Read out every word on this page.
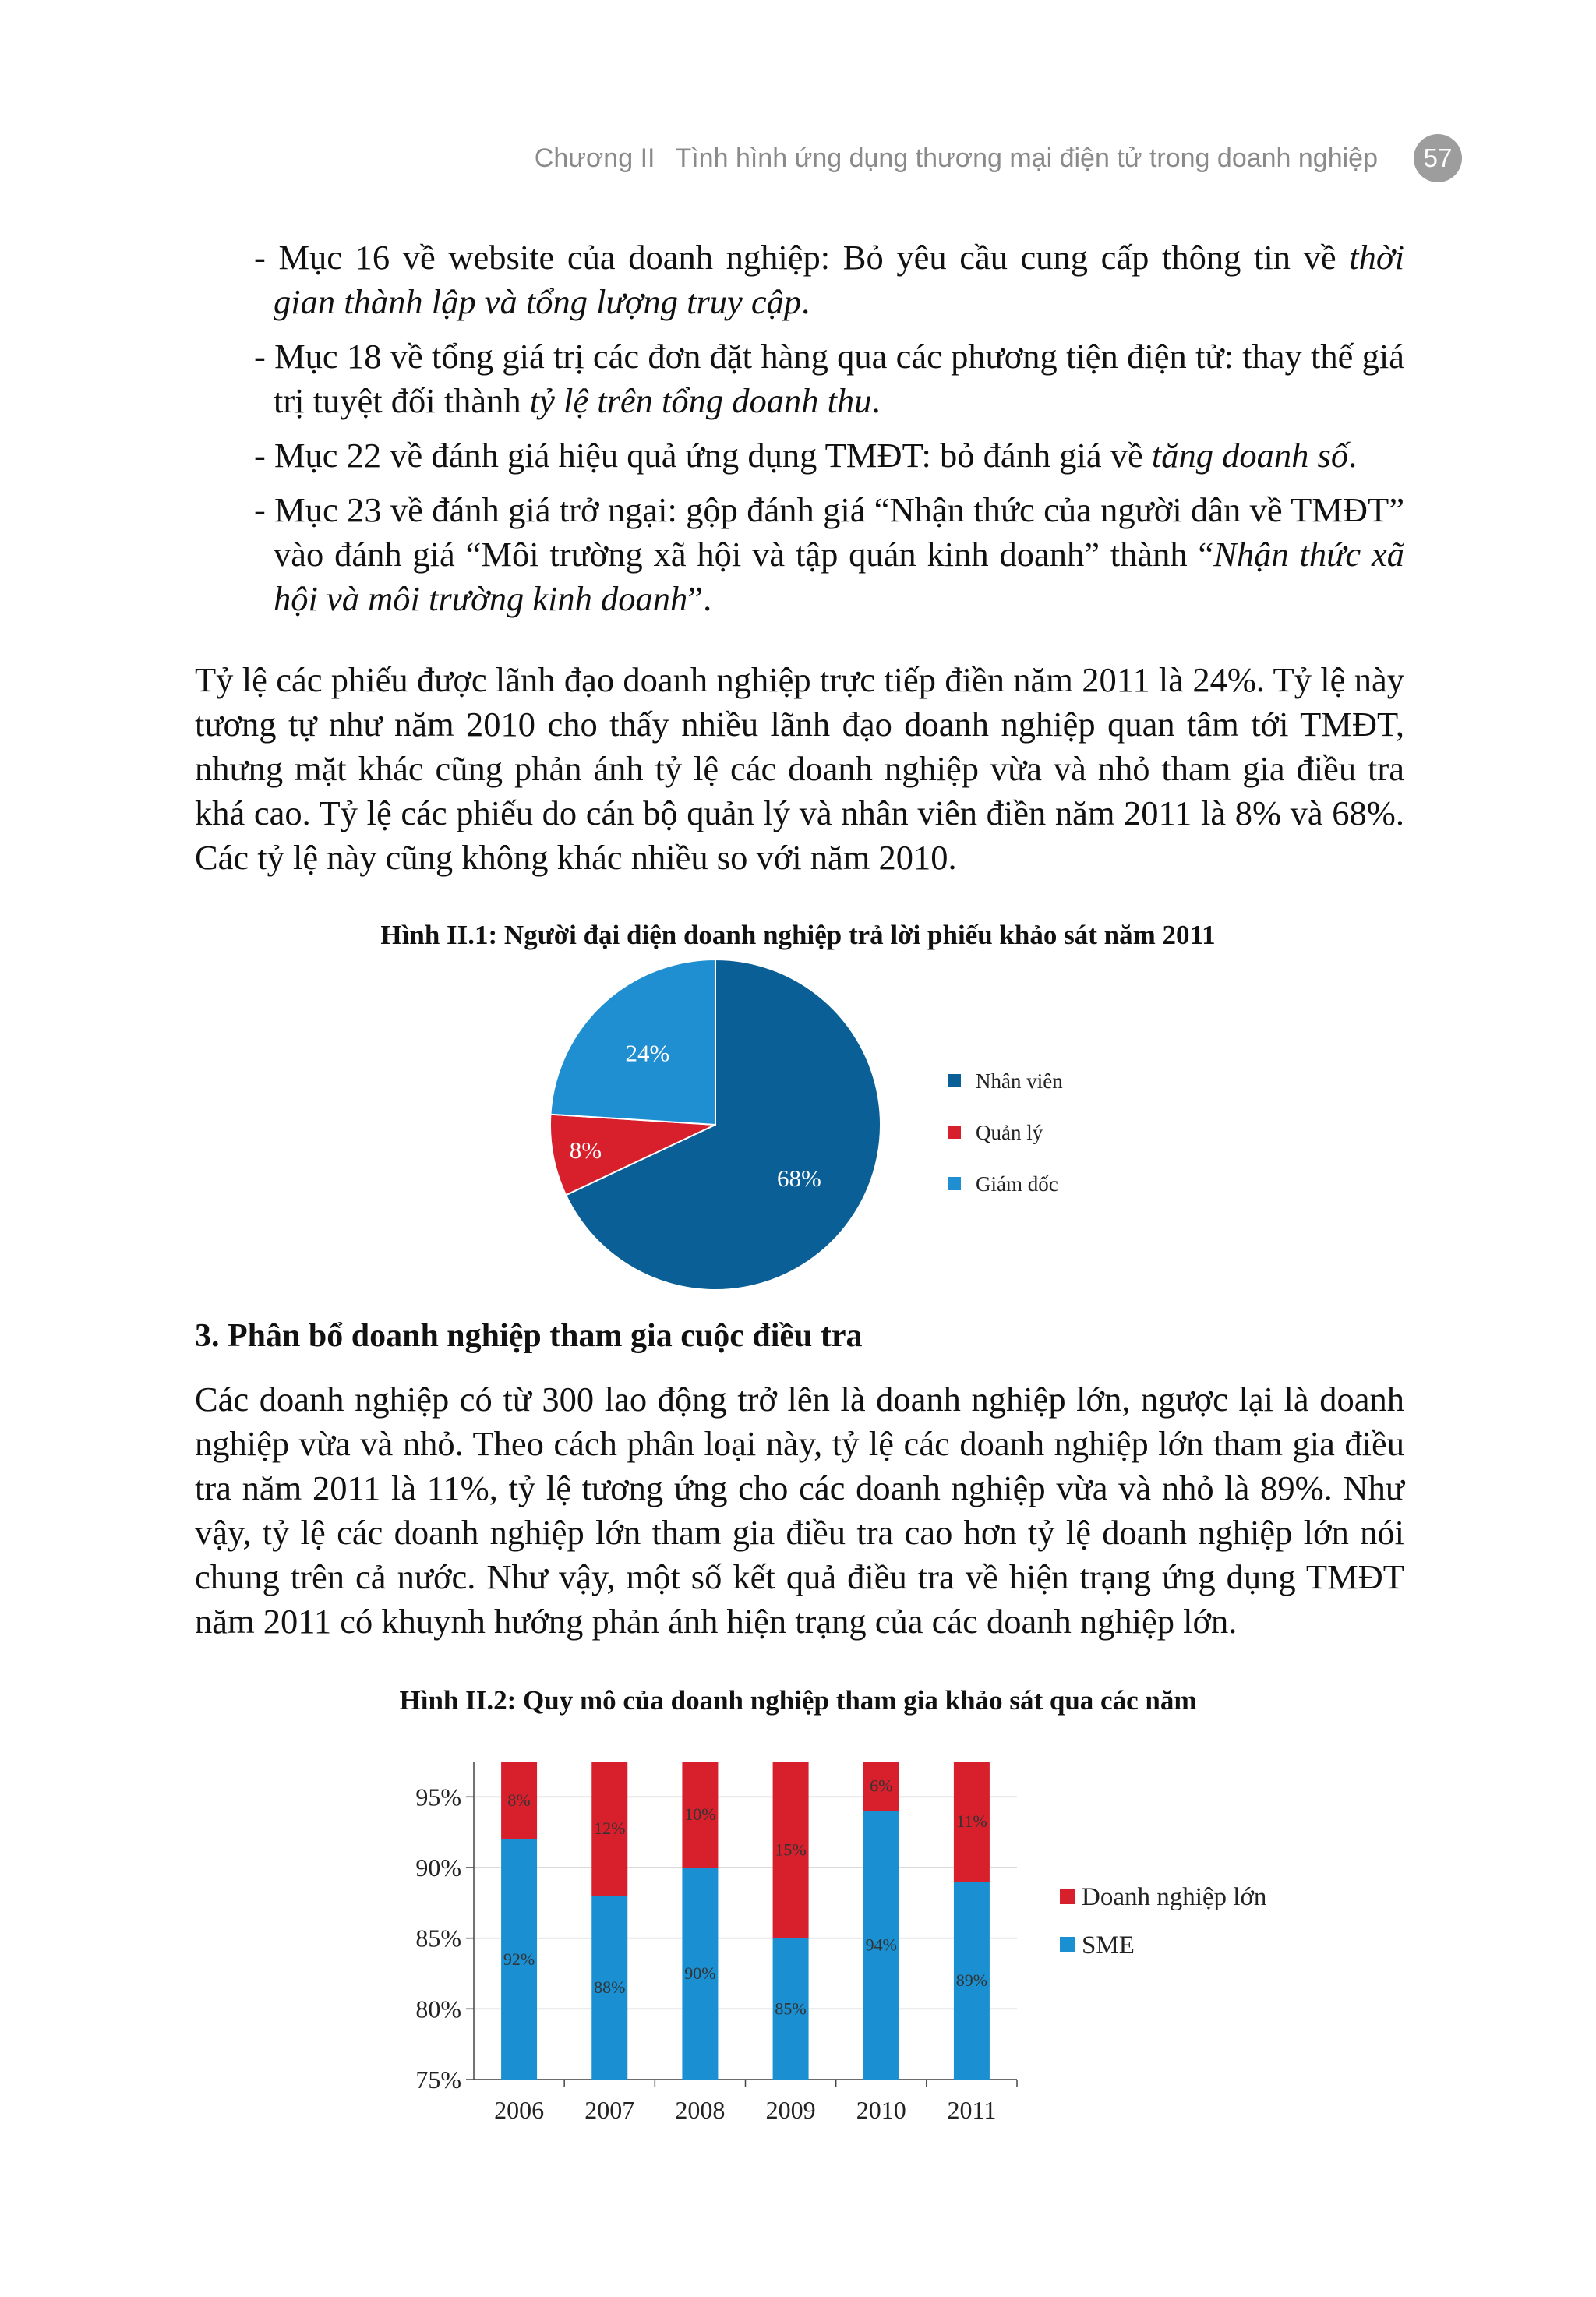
Chương II Tình hình ứng dụng thương mại điện tử trong doanh nghiệp	57
- Mục 16 về website của doanh nghiệp: Bỏ yêu cầu cung cấp thông tin về thời gian thành lập và tổng lượng truy cập.
- Mục 18 về tổng giá trị các đơn đặt hàng qua các phương tiện điện tử: thay thế giá trị tuyệt đối thành tỷ lệ trên tổng doanh thu.
- Mục 22 về đánh giá hiệu quả ứng dụng TMĐT: bỏ đánh giá về tăng doanh số.
- Mục 23 về đánh giá trở ngại: gộp đánh giá “Nhận thức của người dân về TMĐT” vào đánh giá “Môi trường xã hội và tập quán kinh doanh” thành “Nhận thức xã hội và môi trường kinh doanh”.

Tỷ lệ các phiếu được lãnh đạo doanh nghiệp trực tiếp điền năm 2011 là 24%. Tỷ lệ này tương tự như năm 2010 cho thấy nhiều lãnh đạo doanh nghiệp quan tâm tới TMĐT, nhưng mặt khác cũng phản ánh tỷ lệ các doanh nghiệp vừa và nhỏ tham gia điều tra khá cao. Tỷ lệ các phiếu do cán bộ quản lý và nhân viên điền năm 2011 là 8% và 68%. Các tỷ lệ này cũng không khác nhiều so với năm 2010.

Hình II.1: Người đại diện doanh nghiệp trả lời phiếu khảo sát năm 2011

68%
8%
24%
Nhân viên
Quản lý
Giám đốc
3. Phân bổ doanh nghiệp tham gia cuộc điều tra

Các doanh nghiệp có từ 300 lao động trở lên là doanh nghiệp lớn, ngược lại là doanh nghiệp vừa và nhỏ. Theo cách phân loại này, tỷ lệ các doanh nghiệp lớn tham gia điều tra năm 2011 là 11%, tỷ lệ tương ứng cho các doanh nghiệp vừa và nhỏ là 89%. Như vậy, tỷ lệ các doanh nghiệp lớn tham gia điều tra cao hơn tỷ lệ doanh nghiệp lớn nói chung trên cả nước. Như vậy, một số kết quả điều tra về hiện trạng ứng dụng TMĐT năm 2011 có khuynh hướng phản ánh hiện trạng của các doanh nghiệp lớn.

Hình II.2: Quy mô của doanh nghiệp tham gia khảo sát qua các năm

75%
80%
85%
90%
95%
92%
8%
2006
88%
12%
2007
90%
10%
2008
85%
15%
2009
94%
6%
2010
89%
11%
2011
Doanh nghiệp lớn
SME
